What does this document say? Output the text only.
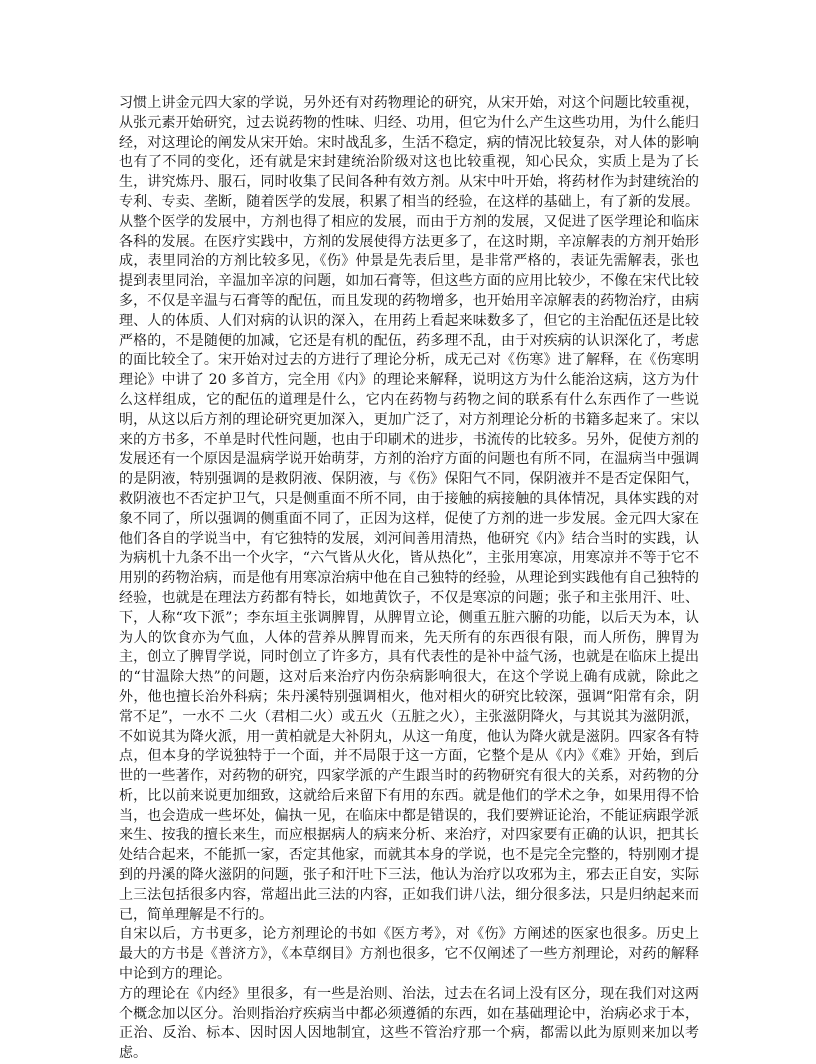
习惯上讲金元四大家的学说，另外还有对药物理论的研究，从宋开始，对这个问题比较重视，从张元素开始研究，过去说药物的性味、归经、功用，但它为什么产生这些功用，为什么能归经，对这理论的阐发从宋开始。宋时战乱多，生活不稳定，病的情况比较复杂，对人体的影响也有了不同的变化，还有就是宋封建统治阶级对这也比较重视，知心民众，实质上是为了长生，讲究炼丹、服石，同时收集了民间各种有效方剂。从宋中叶开始，将药材作为封建统治的专利、专卖、垄断，随着医学的发展，积累了相当的经验，在这样的基础上，有了新的发展。从整个医学的发展中，方剂也得了相应的发展，而由于方剂的发展，又促进了医学理论和临床各科的发展。在医疗实践中，方剂的发展使得方法更多了，在这时期，辛凉解表的方剂开始形成，表里同治的方剂比较多见，《伤》仲景是先表后里，是非常严格的，表证先需解表，张也提到表里同治，辛温加辛凉的问题，如加石膏等，但这些方面的应用比较少，不像在宋代比较多，不仅是辛温与石膏等的配伍，而且发现的药物增多，也开始用辛凉解表的药物治疗，由病理、人的体质、人们对病的认识的深入，在用药上看起来味数多了，但它的主治配伍还是比较严格的，不是随便的加减，它还是有机的配伍，药多理不乱，由于对疾病的认识深化了，考虑的面比较全了。宋开始对过去的方进行了理论分析，成无己对《伤寒》进了解释，在《伤寒明理论》中讲了 20 多首方，完全用《内》的理论来解释，说明这方为什么能治这病，这方为什么这样组成，它的配伍的道理是什么，它内在药物与药物之间的联系有什么东西作了一些说明，从这以后方剂的理论研究更加深入，更加广泛了，对方剂理论分析的书籍多起来了。宋以来的方书多，不单是时代性问题，也由于印刷术的进步，书流传的比较多。另外，促使方剂的发展还有一个原因是温病学说开始萌芽，方剂的治疗方面的问题也有所不同，在温病当中强调的是阴液，特别强调的是救阴液、保阴液，与《伤》保阳气不同，保阴液并不是否定保阳气，救阴液也不否定护卫气，只是侧重面不所不同，由于接触的病接触的具体情况，具体实践的对象不同了，所以强调的侧重面不同了，正因为这样，促使了方剂的进一步发展。金元四大家在他们各自的学说当中，有它独特的发展，刘河间善用清热，他研究《内》结合当时的实践，认为病机十九条不出一个火字，“六气皆从火化，皆从热化”，主张用寒凉，用寒凉并不等于它不用别的药物治病，而是他有用寒凉治病中他在自己独特的经验，从理论到实践他有自己独特的经验，也就是在理法方药都有特长，如地黄饮子，不仅是寒凉的问题；张子和主张用汗、吐、下，人称“攻下派”；李东垣主张调脾胃，从脾胃立论，侧重五脏六腑的功能，以后天为本，认为人的饮食亦为气血，人体的营养从脾胃而来，先天所有的东西很有限，而人所伤，脾胃为主，创立了脾胃学说，同时创立了许多方，具有代表性的是补中益气汤，也就是在临床上提出的“甘温除大热”的问题，这对后来治疗内伤杂病影响很大，在这个学说上确有成就，除此之外，他也擅长治外科病；朱丹溪特别强调相火，他对相火的研究比较深，强调“阳常有余，阴常不足”，一水不 二火（君相二火）或五火（五脏之火），主张滋阴降火，与其说其为滋阴派，不如说其为降火派，用一黄柏就是大补阴丸，从这一角度，他认为降火就是滋阴。四家各有特点，但本身的学说独特于一个面，并不局限于这一方面，它整个是从《内》《难》开始，到后世的一些著作，对药物的研究，四家学派的产生跟当时的药物研究有很大的关系，对药物的分析，比以前来说更加细致，这就给后来留下有用的东西。就是他们的学术之争，如果用得不恰当，也会造成一些坏处，偏执一见，在临床中都是错误的，我们要辨证论治，不能证病跟学派来生、按我的擅长来生，而应根据病人的病来分析、来治疗，对四家要有正确的认识，把其长处结合起来，不能抓一家，否定其他家，而就其本身的学说，也不是完全完整的，特别刚才提到的丹溪的降火滋阴的问题，张子和汗吐下三法，他认为治疗以攻邪为主，邪去正自安，实际上三法包括很多内容，常超出此三法的内容，正如我们讲八法，细分很多法，只是归纳起来而已，简单理解是不行的。

自宋以后，方书更多，论方剂理论的书如《医方考》，对《伤》方阐述的医家也很多。历史上最大的方书是《普济方》，《本草纲目》方剂也很多，它不仅阐述了一些方剂理论，对药的解释中论到方的理论。

方的理论在《内经》里很多，有一些是治则、治法，过去在名词上没有区分，现在我们对这两个概念加以区分。治则指治疗疾病当中都必须遵循的东西，如在基础理论中，治病必求于本，正治、反治、标本、因时因人因地制宜，这些不管治疗那一个病，都需以此为原则来加以考虑。
